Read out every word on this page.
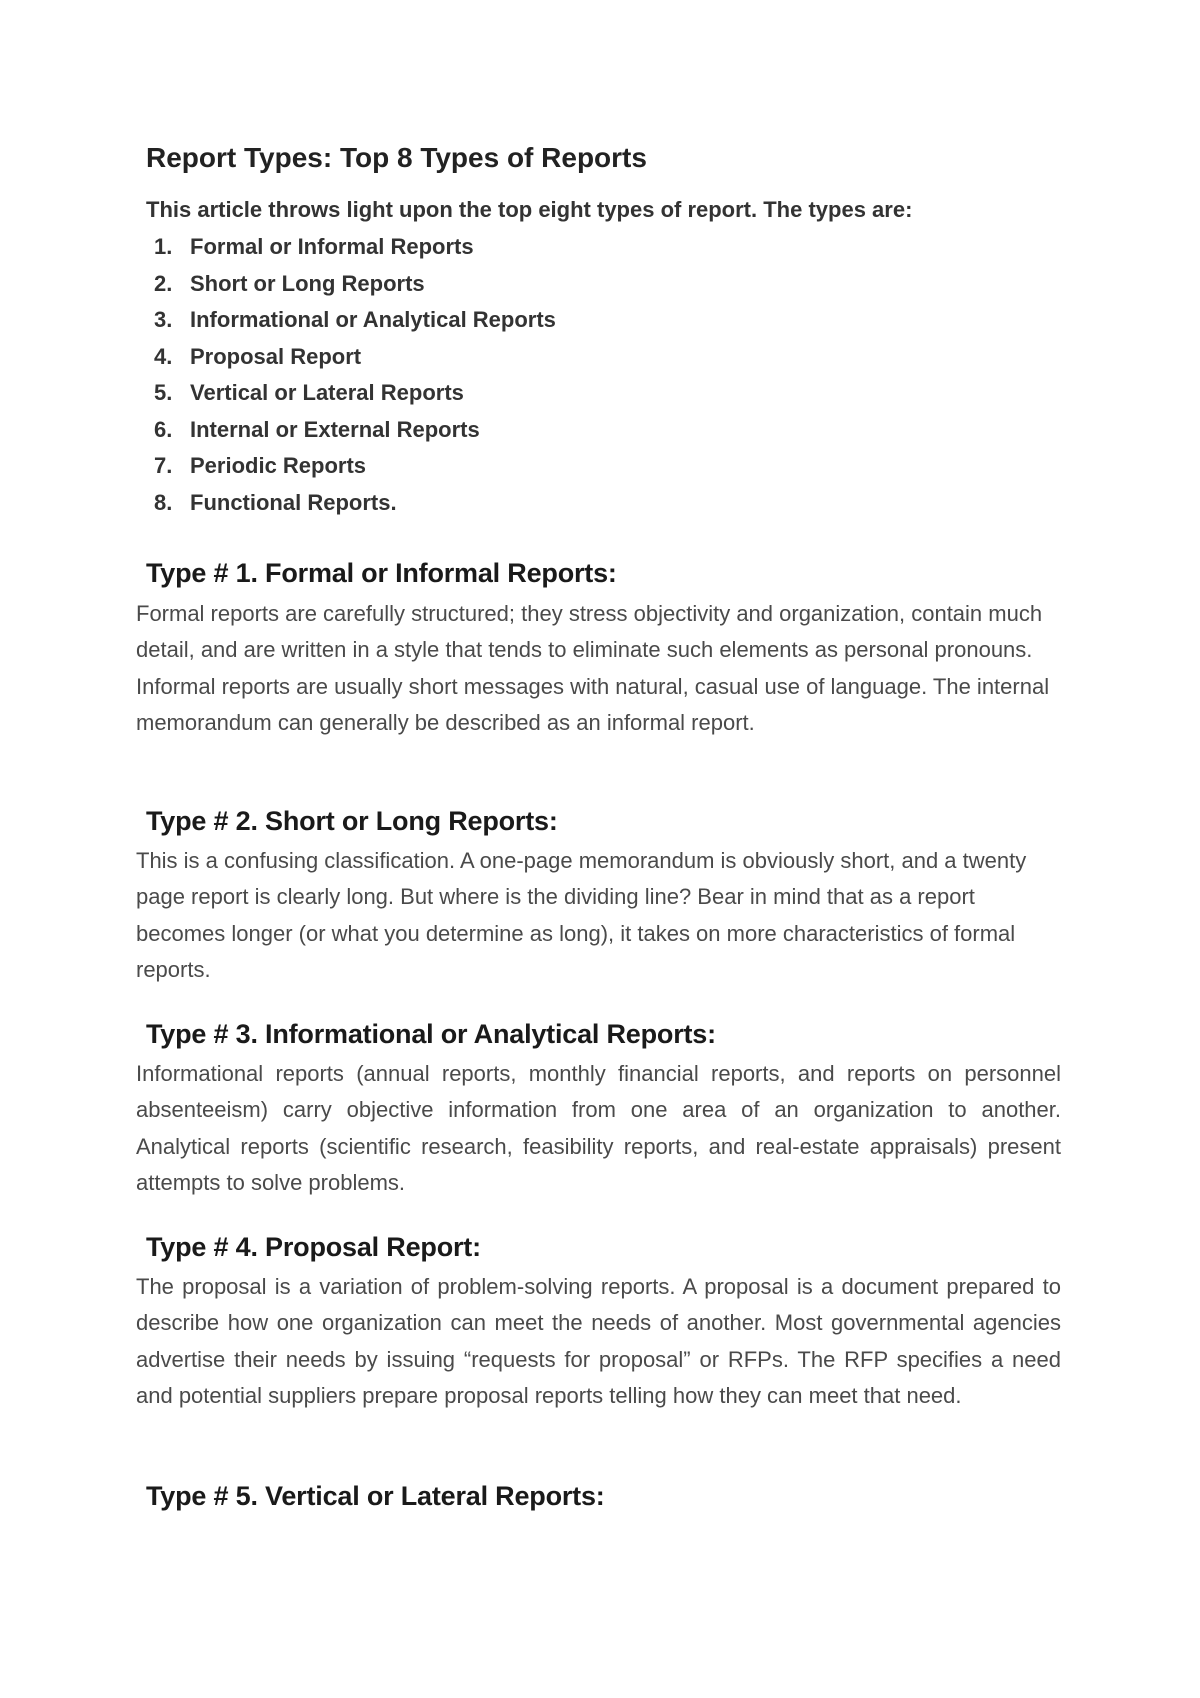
Report Types: Top 8 Types of Reports

This article throws light upon the top eight types of report. The types are:

1. Formal or Informal Reports
2. Short or Long Reports
3. Informational or Analytical Reports
4. Proposal Report
5. Vertical or Lateral Reports
6. Internal or External Reports
7. Periodic Reports
8. Functional Reports.
Type # 1. Formal or Informal Reports:

Formal reports are carefully structured; they stress objectivity and organization, contain much detail, and are written in a style that tends to eliminate such elements as personal pronouns. Informal reports are usually short messages with natural, casual use of language. The internal memorandum can generally be described as an informal report.

Type # 2. Short or Long Reports:

This is a confusing classification. A one-page memorandum is obviously short, and a twenty page report is clearly long. But where is the dividing line? Bear in mind that as a report becomes longer (or what you determine as long), it takes on more characteristics of formal reports.

Type # 3. Informational or Analytical Reports:

Informational reports (annual reports, monthly financial reports, and reports on personnel absenteeism) carry objective information from one area of an organization to another. Analytical reports (scientific research, feasibility reports, and real-estate appraisals) present attempts to solve problems.

Type # 4. Proposal Report:

The proposal is a variation of problem-solving reports. A proposal is a document prepared to describe how one organization can meet the needs of another. Most governmental agencies advertise their needs by issuing “requests for proposal” or RFPs. The RFP specifies a need and potential suppliers prepare proposal reports telling how they can meet that need.

Type # 5. Vertical or Lateral Reports:
